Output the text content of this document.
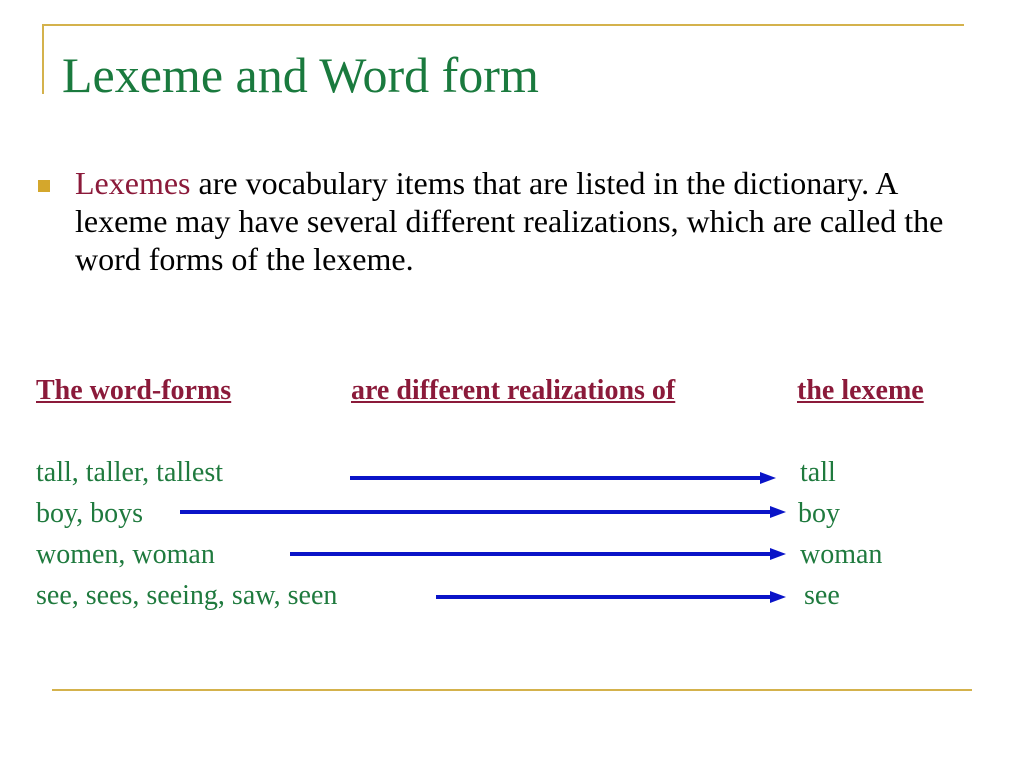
Lexeme and Word form
Lexemes are vocabulary items that are listed in the dictionary. A lexeme may have several different realizations, which are called the word forms of the lexeme.
The word-forms	are different realizations of	the lexeme
tall, taller, tallest	tall
boy, boys	boy
women, woman	woman
see, sees, seeing, saw, seen	see
